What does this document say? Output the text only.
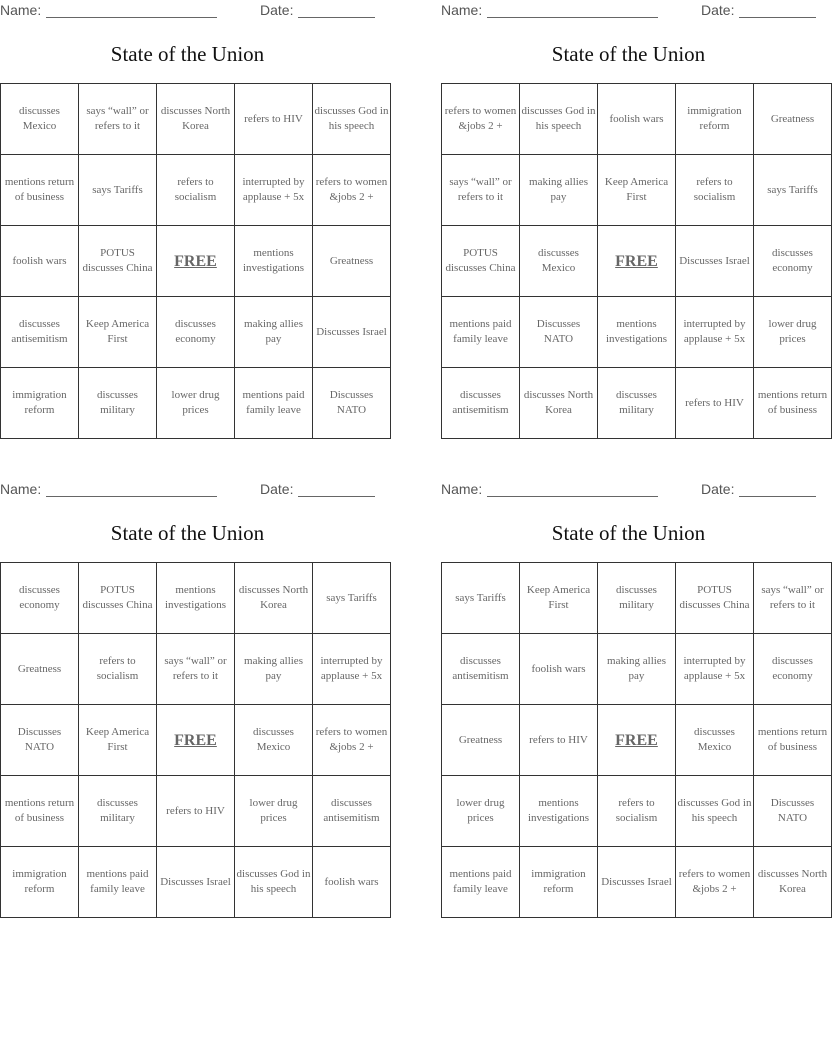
Name:	Date:
State of the Union
discusses Mexico	says “wall” or refers to it	discusses North Korea	refers to HIV	discusses God in his speech
mentions return of business	says Tariffs	refers to socialism	interrupted by applause + 5x	refers to women &jobs 2 +
foolish wars	POTUS discusses China	FREE	mentions investigations	Greatness
discusses antisemitism	Keep America First	discusses economy	making allies pay	Discusses Israel
immigration reform	discusses military	lower drug prices	mentions paid family leave	Discusses NATO
Name:	Date:
State of the Union
refers to women &jobs 2 +	discusses God in his speech	foolish wars	immigration reform	Greatness
says “wall” or refers to it	making allies pay	Keep America First	refers to socialism	says Tariffs
POTUS discusses China	discusses Mexico	FREE	Discusses Israel	discusses economy
mentions paid family leave	Discusses NATO	mentions investigations	interrupted by applause + 5x	lower drug prices
discusses antisemitism	discusses North Korea	discusses military	refers to HIV	mentions return of business
Name:	Date:
State of the Union
discusses economy	POTUS discusses China	mentions investigations	discusses North Korea	says Tariffs
Greatness	refers to socialism	says “wall” or refers to it	making allies pay	interrupted by applause + 5x
Discusses NATO	Keep America First	FREE	discusses Mexico	refers to women &jobs 2 +
mentions return of business	discusses military	refers to HIV	lower drug prices	discusses antisemitism
immigration reform	mentions paid family leave	Discusses Israel	discusses God in his speech	foolish wars
Name:	Date:
State of the Union
says Tariffs	Keep America First	discusses military	POTUS discusses China	says “wall” or refers to it
discusses antisemitism	foolish wars	making allies pay	interrupted by applause + 5x	discusses economy
Greatness	refers to HIV	FREE	discusses Mexico	mentions return of business
lower drug prices	mentions investigations	refers to socialism	discusses God in his speech	Discusses NATO
mentions paid family leave	immigration reform	Discusses Israel	refers to women &jobs 2 +	discusses North Korea
